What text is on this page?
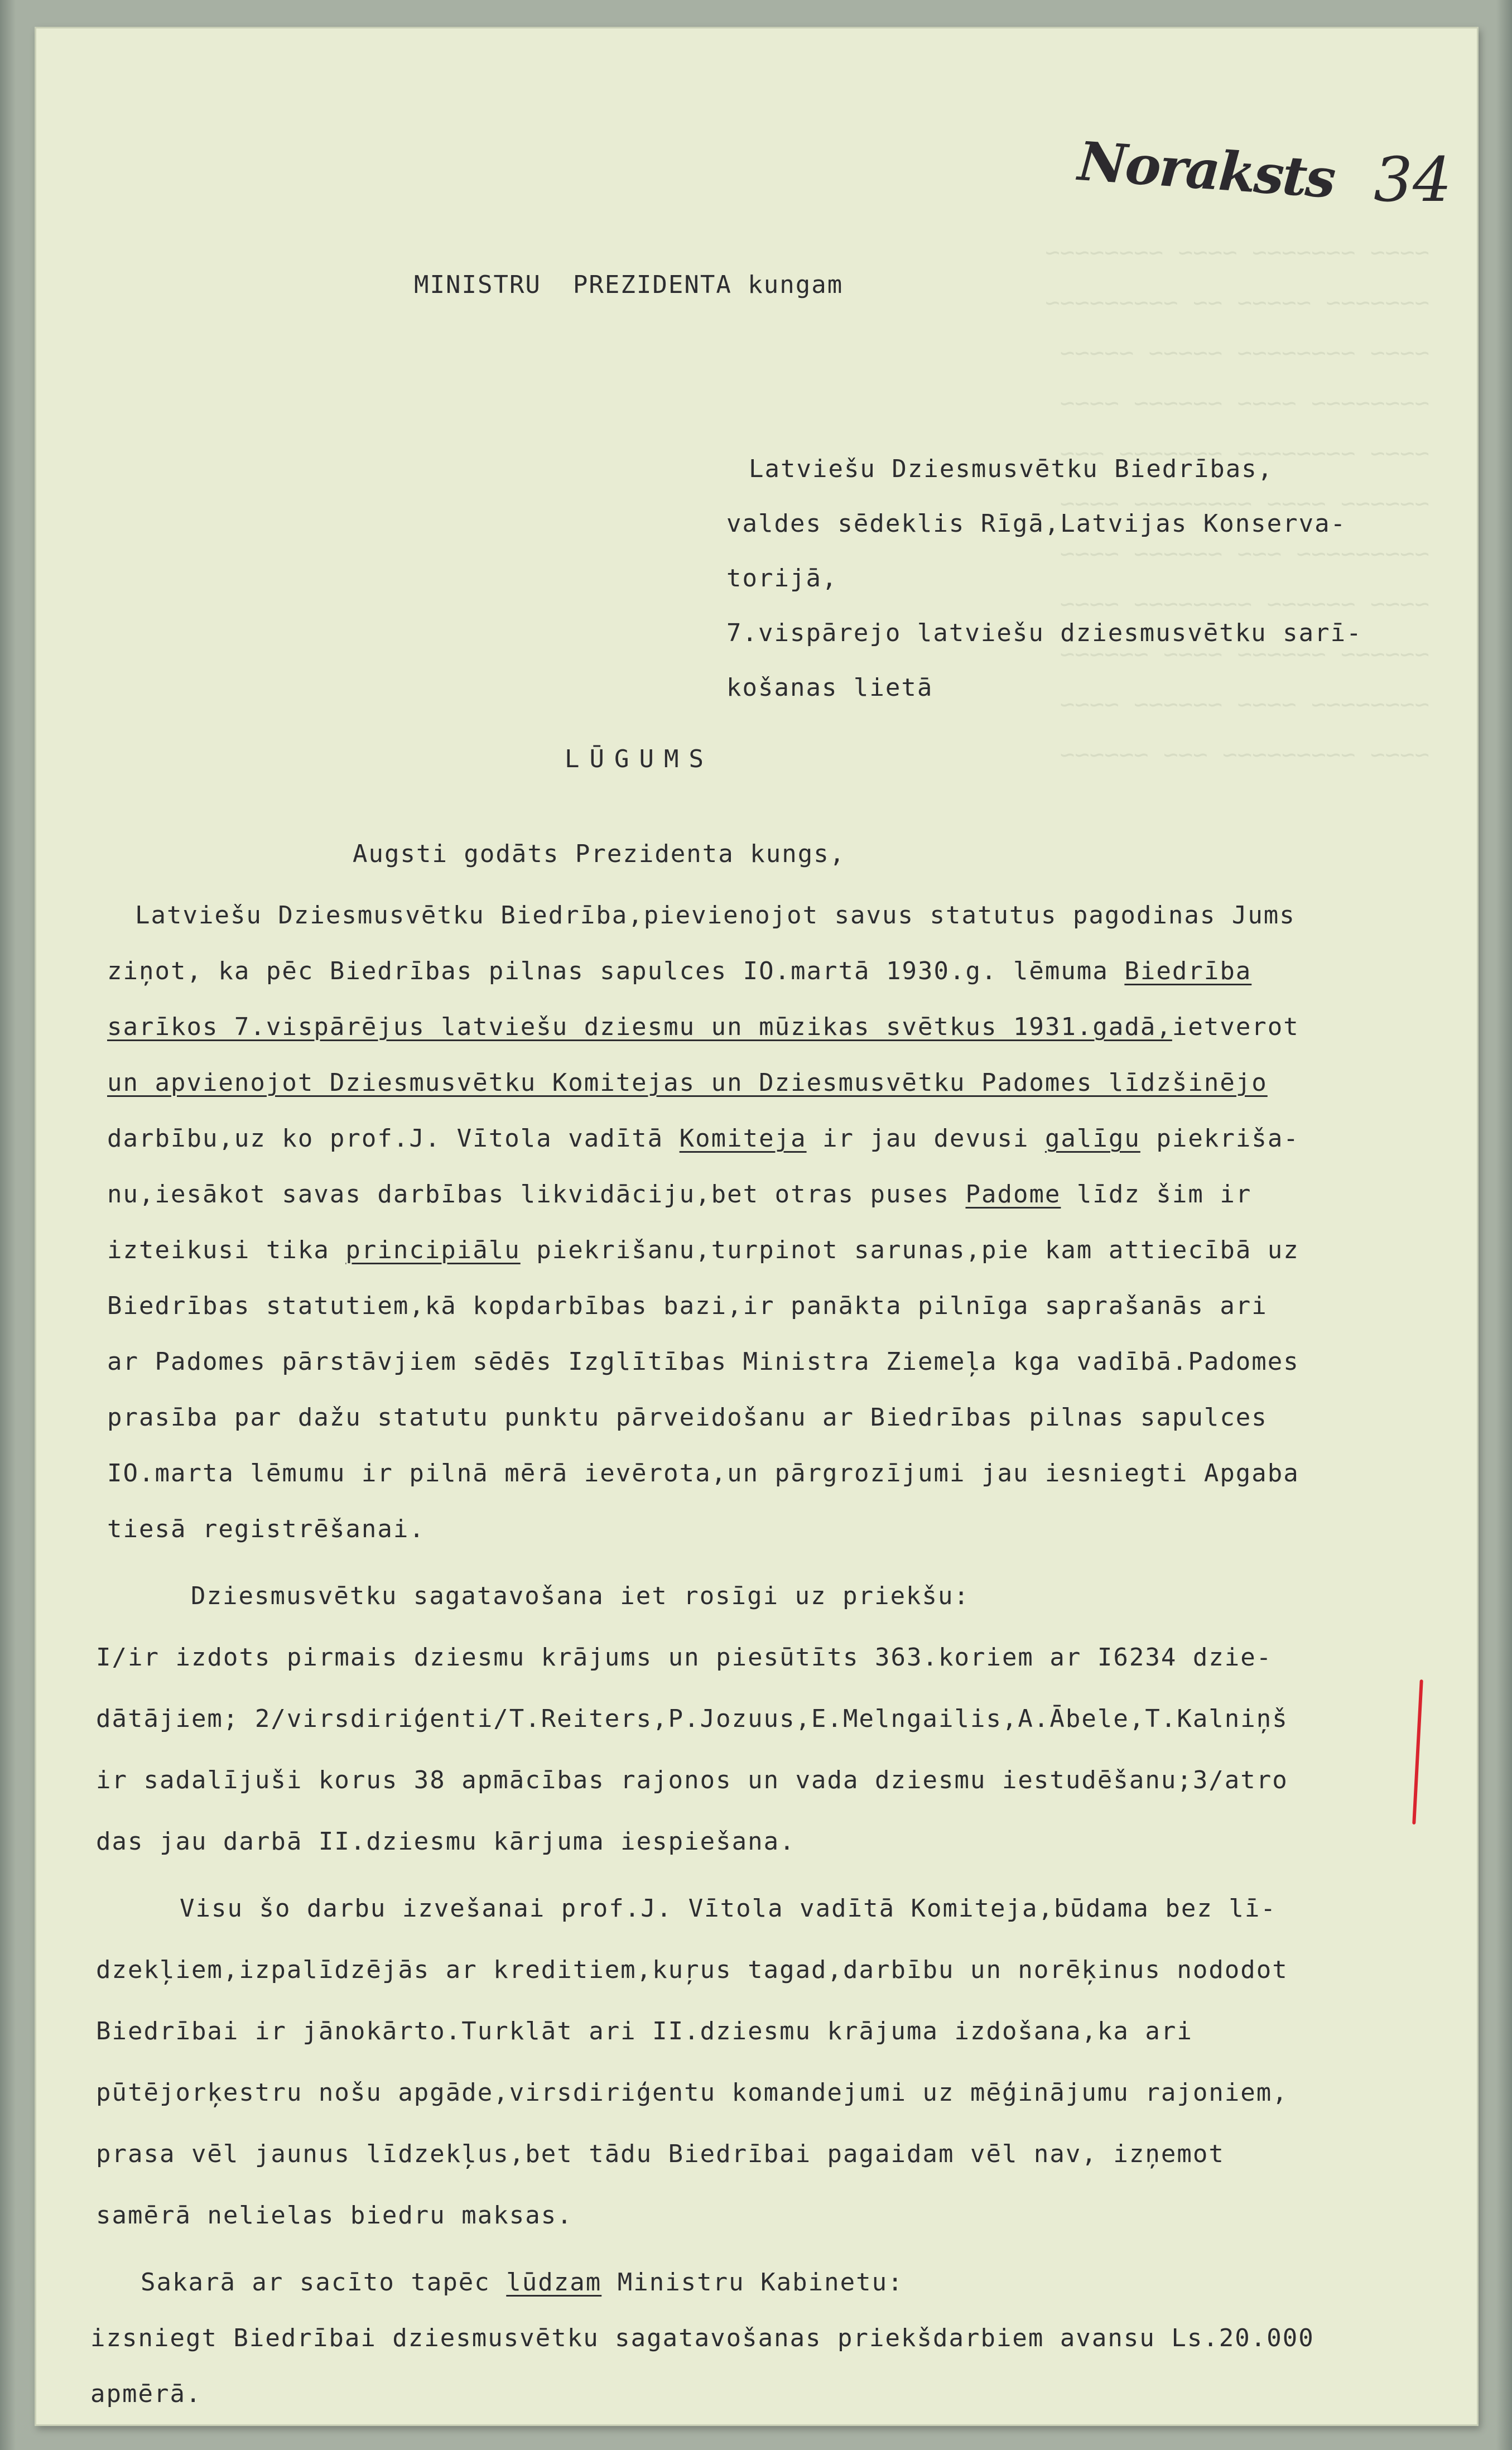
~~~~ ~~~~~~~ ~~~~ ~~~~~~~~
~~~~~~~ ~~~~~ ~~ ~~~~~~~~~
~~~~ ~~~~~~~~ ~~~~~ ~~~~~
~~~~~~~~ ~~~~ ~~~~~~ ~~~~
~~~~ ~~~~~~~~ ~~~~~~~ ~~~
~~~~~~ ~~~~ ~~~~~~~~ ~~~~
~~~~~~~~~ ~~~ ~~~~~~ ~~~~
~~~~ ~~~~~~ ~~~~~~~~ ~~~~
~~~~~~ ~~~~~~ ~~~~ ~~~~~~
~~~~~~~~ ~~~~ ~~~~~~ ~~~~
~~~~ ~~~~~~~~~ ~~~ ~~~~~~
Noraksts 34
MINISTRU  PREZIDENTA kungam
Latviešu Dziesmusvētku Biedrības,
valdes sēdeklis Rīgā,Latvijas Konserva-
torijā,
7.vispārejo latviešu dziesmusvētku sarī-
košanas lietā
LŪGUMS
Augsti godāts Prezidenta kungs,
Latviešu Dziesmusvētku Biedrība,pievienojot savus statutus pagodinas Jums
ziņot, ka pēc Biedrības pilnas sapulces IO.martā 1930.g. lēmuma Biedrība
sarīkos 7.vispārējus latviešu dziesmu un mūzikas svētkus 1931.gadā,ietverot
un apvienojot Dziesmusvētku Komitejas un Dziesmusvētku Padomes līdzšinējo
darbību,uz ko prof.J. Vītola vadītā Komiteja ir jau devusi galīgu piekrišа-
nu,iesākot savas darbības likvidāciju,bet otras puses Padome līdz šim ir
izteikusi tika principiālu piekrišanu,turpinot sarunas,pie kam attiecībā uz
Biedrības statutiem,kā kopdarbības bazi,ir panākta pilnīga saprašanās ari
ar Padomes pārstāvjiem sēdēs Izglītības Ministra Ziemeļa kga vadībā.Padomes
prasība par dažu statutu punktu pārveidošanu ar Biedrības pilnas sapulces
IO.marta lēmumu ir pilnā mērā ievērota,un pārgrozījumi jau iesniegti Apgaba
tiesā registrēšanai.
Dziesmusvētku sagatavošana iet rosīgi uz priekšu:
I/ir izdots pirmais dziesmu krājums un piesūtīts 363.koriem ar I6234 dzie-
dātājiem; 2/virsdiriģenti/T.Reiters,P.Jozuus,E.Melngailis,A.Ābele,T.Kalniņš
ir sadalījuši korus 38 apmācības rajonos un vada dziesmu iestudēšanu;3/atro
das jau darbā II.dziesmu kārjuma iespiešana.
Visu šo darbu izvešanai prof.J. Vītola vadītā Komiteja,būdama bez lī-
dzekļiem,izpalīdzējās ar kreditiem,kuŗus tagad,darbību un norēķinus nododot
Biedrībai ir jānokārto.Turklāt ari II.dziesmu krājuma izdošana,ka ari
pūtējorķestru nošu apgāde,virsdiriģentu komandejumi uz mēģinājumu rajoniem,
prasa vēl jaunus līdzekļus,bet tādu Biedrībai pagaidam vēl nav, izņemot
samērā nelielas biedru maksas.
Sakarā ar sacīto tapēc lūdzam Ministru Kabinetu:
izsniegt Biedrībai dziesmusvētku sagatavošanas priekšdarbiem avansu Ls.20.000
apmērā.
